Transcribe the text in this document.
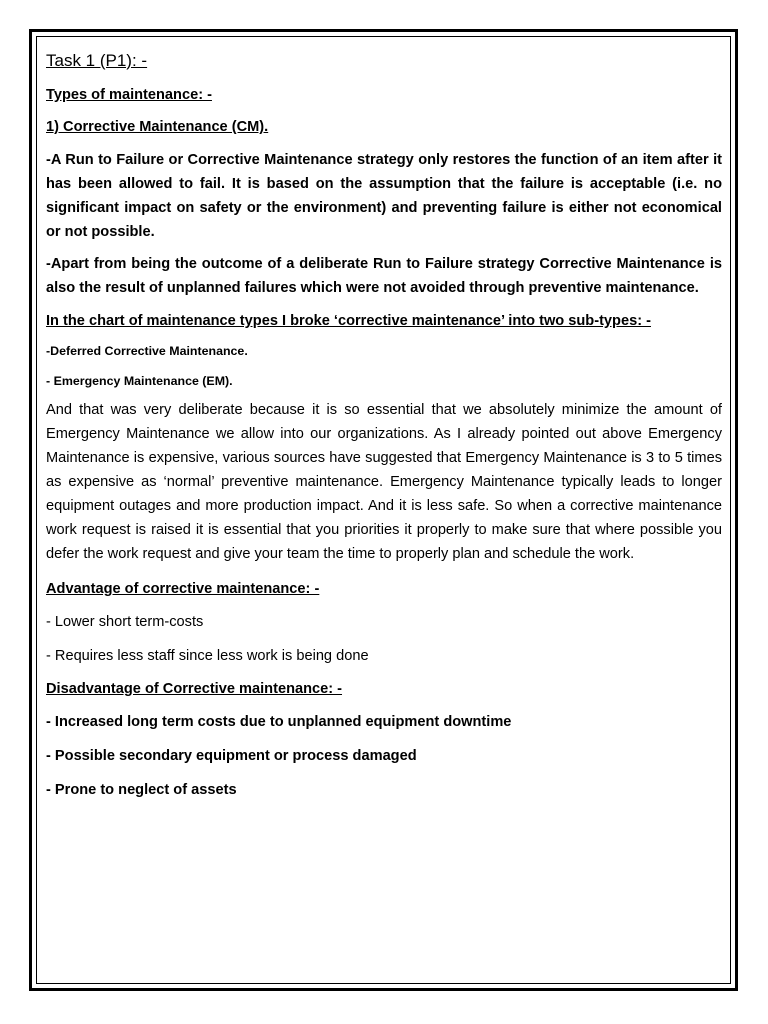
Task 1 (P1): -
Types of maintenance: -
1) Corrective Maintenance (CM).

-A Run to Failure or Corrective Maintenance strategy only restores the function of an item after it has been allowed to fail. It is based on the assumption that the failure is acceptable (i.e. no significant impact on safety or the environment) and preventing failure is either not economical or not possible.

-Apart from being the outcome of a deliberate Run to Failure strategy Corrective Maintenance is also the result of unplanned failures which were not avoided through preventive maintenance.

In the chart of maintenance types I broke ‘corrective maintenance’ into two sub-types: -
-Deferred Corrective Maintenance.
- Emergency Maintenance (EM).

And that was very deliberate because it is so essential that we absolutely minimize the amount of Emergency Maintenance we allow into our organizations. As I already pointed out above Emergency Maintenance is expensive, various sources have suggested that Emergency Maintenance is 3 to 5 times as expensive as ‘normal’ preventive maintenance. Emergency Maintenance typically leads to longer equipment outages and more production impact. And it is less safe. So when a corrective maintenance work request is raised it is essential that you priorities it properly to make sure that where possible you defer the work request and give your team the time to properly plan and schedule the work.

Advantage of corrective maintenance: -
- Lower short term-costs
- Requires less staff since less work is being done
Disadvantage of Corrective maintenance: -
- Increased long term costs due to unplanned equipment downtime
- Possible secondary equipment or process damaged
- Prone to neglect of assets
